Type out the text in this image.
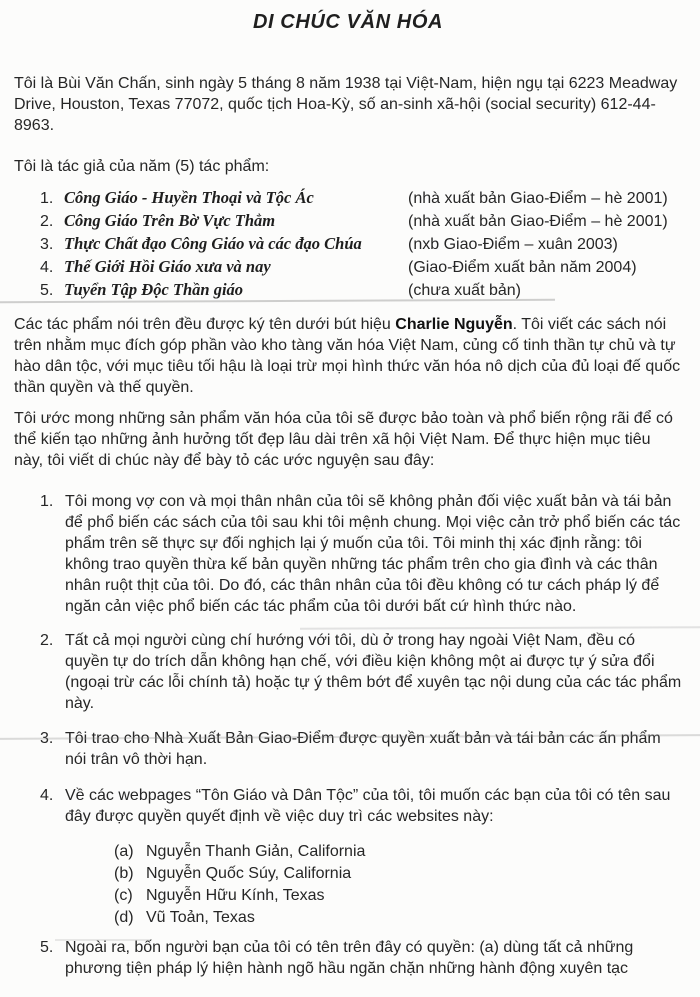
DI CHÚC VĂN HÓA

Tôi là Bùi Văn Chấn, sinh ngày 5 tháng 8 năm 1938 tại Việt-Nam, hiện ngụ tại 6223 Meadway Drive, Houston, Texas 77072, quốc tịch Hoa-Kỳ, số an-sinh xã-hội (social security) 612-44-8963.

Tôi là tác giả của năm (5) tác phẩm:

1. Công Giáo - Huyền Thoại và Tộc Ác	(nhà xuất bản Giao-Điểm – hè 2001)
2. Công Giáo Trên Bờ Vực Thẳm	(nhà xuất bản Giao-Điểm – hè 2001)
3. Thực Chất đạo Công Giáo và các đạo Chúa	(nxb Giao-Điểm – xuân 2003)
4. Thế Giới Hồi Giáo xưa và nay	(Giao-Điểm xuất bản năm 2004)
5. Tuyển Tập Độc Thần giáo	(chưa xuất bản)

Các tác phẩm nói trên đều được ký tên dưới bút hiệu Charlie Nguyễn. Tôi viết các sách nói trên nhằm mục đích góp phần vào kho tàng văn hóa Việt Nam, củng cố tinh thần tự chủ và tự hào dân tộc, với mục tiêu tối hậu là loại trừ mọi hình thức văn hóa nô dịch của đủ loại đế quốc thần quyền và thế quyền.

Tôi ước mong những sản phẩm văn hóa của tôi sẽ được bảo toàn và phổ biến rộng rãi để có thể kiến tạo những ảnh hưởng tốt đẹp lâu dài trên xã hội Việt Nam. Để thực hiện mục tiêu này, tôi viết di chúc này để bày tỏ các ước nguyện sau đây:

1. Tôi mong vợ con và mọi thân nhân của tôi sẽ không phản đối việc xuất bản và tái bản để phổ biến các sách của tôi sau khi tôi mệnh chung. Mọi việc cản trở phổ biến các tác phẩm trên sẽ thực sự đối nghịch lại ý muốn của tôi. Tôi minh thị xác định rằng: tôi không trao quyền thừa kế bản quyền những tác phẩm trên cho gia đình và các thân nhân ruột thịt của tôi. Do đó, các thân nhân của tôi đều không có tư cách pháp lý để ngăn cản việc phổ biến các tác phẩm của tôi dưới bất cứ hình thức nào.
2. Tất cả mọi người cùng chí hướng với tôi, dù ở trong hay ngoài Việt Nam, đều có quyền tự do trích dẫn không hạn chế, với điều kiện không một ai được tự ý sửa đổi (ngoại trừ các lỗi chính tả) hoặc tự ý thêm bớt để xuyên tạc nội dung của các tác phẩm này.
3. Tôi trao cho Nhà Xuất Bản Giao-Điểm được quyền xuất bản và tái bản các ấn phẩm nói trân vô thời hạn.
4. Về các webpages “Tôn Giáo và Dân Tộc” của tôi, tôi muốn các bạn của tôi có tên sau đây được quyền quyết định về việc duy trì các websites này:
(a) Nguyễn Thanh Giản, California
(b) Nguyễn Quốc Súy, California
(c) Nguyễn Hữu Kính, Texas
(d) Vũ Toản, Texas
5. Ngoài ra, bốn người bạn của tôi có tên trên đây có quyền: (a) dùng tất cả những phương tiện pháp lý hiện hành ngõ hầu ngăn chặn những hành động xuyên tạc
